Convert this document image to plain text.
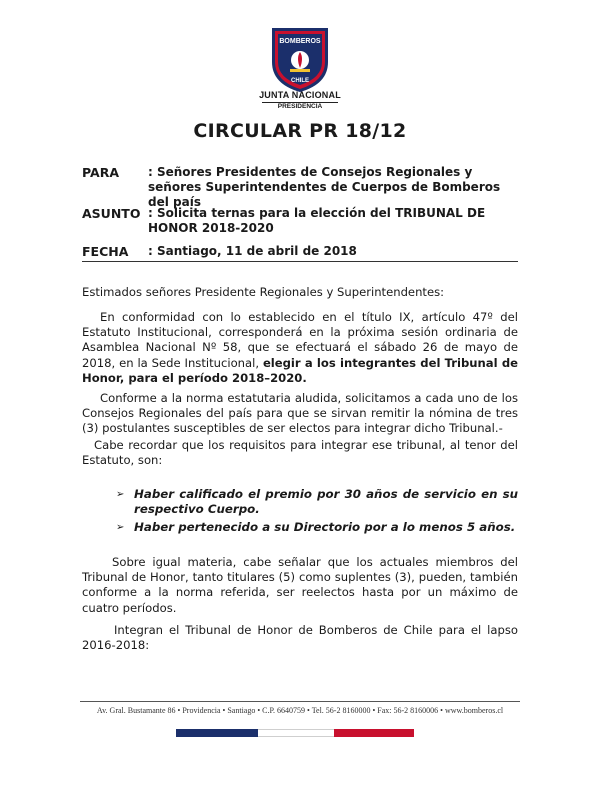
BOMBEROS
CHILE
JUNTA NACIONAL
PRESIDENCIA
CIRCULAR PR 18/12
PARA : Señores Presidentes de Consejos Regionales y señores Superintendentes de Cuerpos de Bomberos del país
ASUNTO : Solicita ternas para la elección del TRIBUNAL DE HONOR 2018-2020
FECHA : Santiago, 11 de abril de 2018
Estimados señores Presidente Regionales y Superintendentes:
En conformidad con lo establecido en el título IX, artículo 47º del Estatuto Institucional, corresponderá en la próxima sesión ordinaria de Asamblea Nacional Nº 58, que se efectuará el sábado 26 de mayo de 2018, en la Sede Institucional, elegir a los integrantes del Tribunal de Honor, para el período 2018–2020.
Conforme a la norma estatutaria aludida, solicitamos a cada uno de los Consejos Regionales del país para que se sirvan remitir la nómina de tres (3) postulantes susceptibles de ser electos para integrar dicho Tribunal.-
Cabe recordar que los requisitos para integrar ese tribunal, al tenor del Estatuto, son:
➢ Haber calificado el premio por 30 años de servicio en su respectivo Cuerpo.
➢ Haber pertenecido a su Directorio por a lo menos 5 años.
Sobre igual materia, cabe señalar que los actuales miembros del Tribunal de Honor, tanto titulares (5) como suplentes (3), pueden, también conforme a la norma referida, ser reelectos hasta por un máximo de cuatro períodos.
Integran el Tribunal de Honor de Bomberos de Chile para el lapso 2016-2018:
Av. Gral. Bustamante 86 • Providencia • Santiago • C.P. 6640759 • Tel. 56-2 8160000 • Fax: 56-2 8160006 • www.bomberos.cl
